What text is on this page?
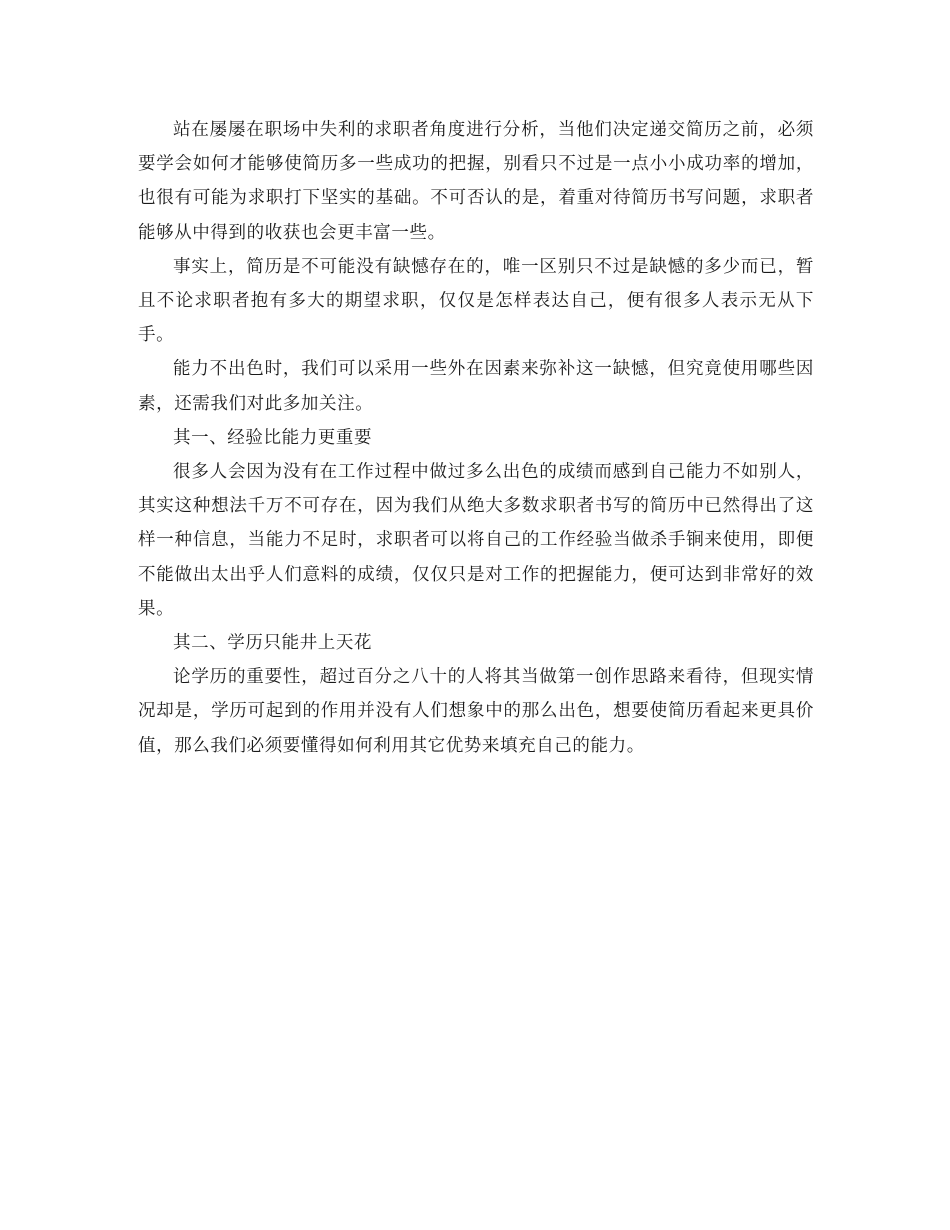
站在屡屡在职场中失利的求职者角度进行分析，当他们决定递交简历之前，必须要学会如何才能够使简历多一些成功的把握，别看只不过是一点小小成功率的增加，也很有可能为求职打下坚实的基础。不可否认的是，着重对待简历书写问题，求职者能够从中得到的收获也会更丰富一些。

事实上，简历是不可能没有缺憾存在的，唯一区别只不过是缺憾的多少而已，暂且不论求职者抱有多大的期望求职，仅仅是怎样表达自己，便有很多人表示无从下手。

能力不出色时，我们可以采用一些外在因素来弥补这一缺憾，但究竟使用哪些因素，还需我们对此多加关注。

其一、经验比能力更重要

很多人会因为没有在工作过程中做过多么出色的成绩而感到自己能力不如别人，其实这种想法千万不可存在，因为我们从绝大多数求职者书写的简历中已然得出了这样一种信息，当能力不足时，求职者可以将自己的工作经验当做杀手锏来使用，即便不能做出太出乎人们意料的成绩，仅仅只是对工作的把握能力，便可达到非常好的效果。

其二、学历只能井上天花

论学历的重要性，超过百分之八十的人将其当做第一创作思路来看待，但现实情况却是，学历可起到的作用并没有人们想象中的那么出色，想要使简历看起来更具价值，那么我们必须要懂得如何利用其它优势来填充自己的能力。
